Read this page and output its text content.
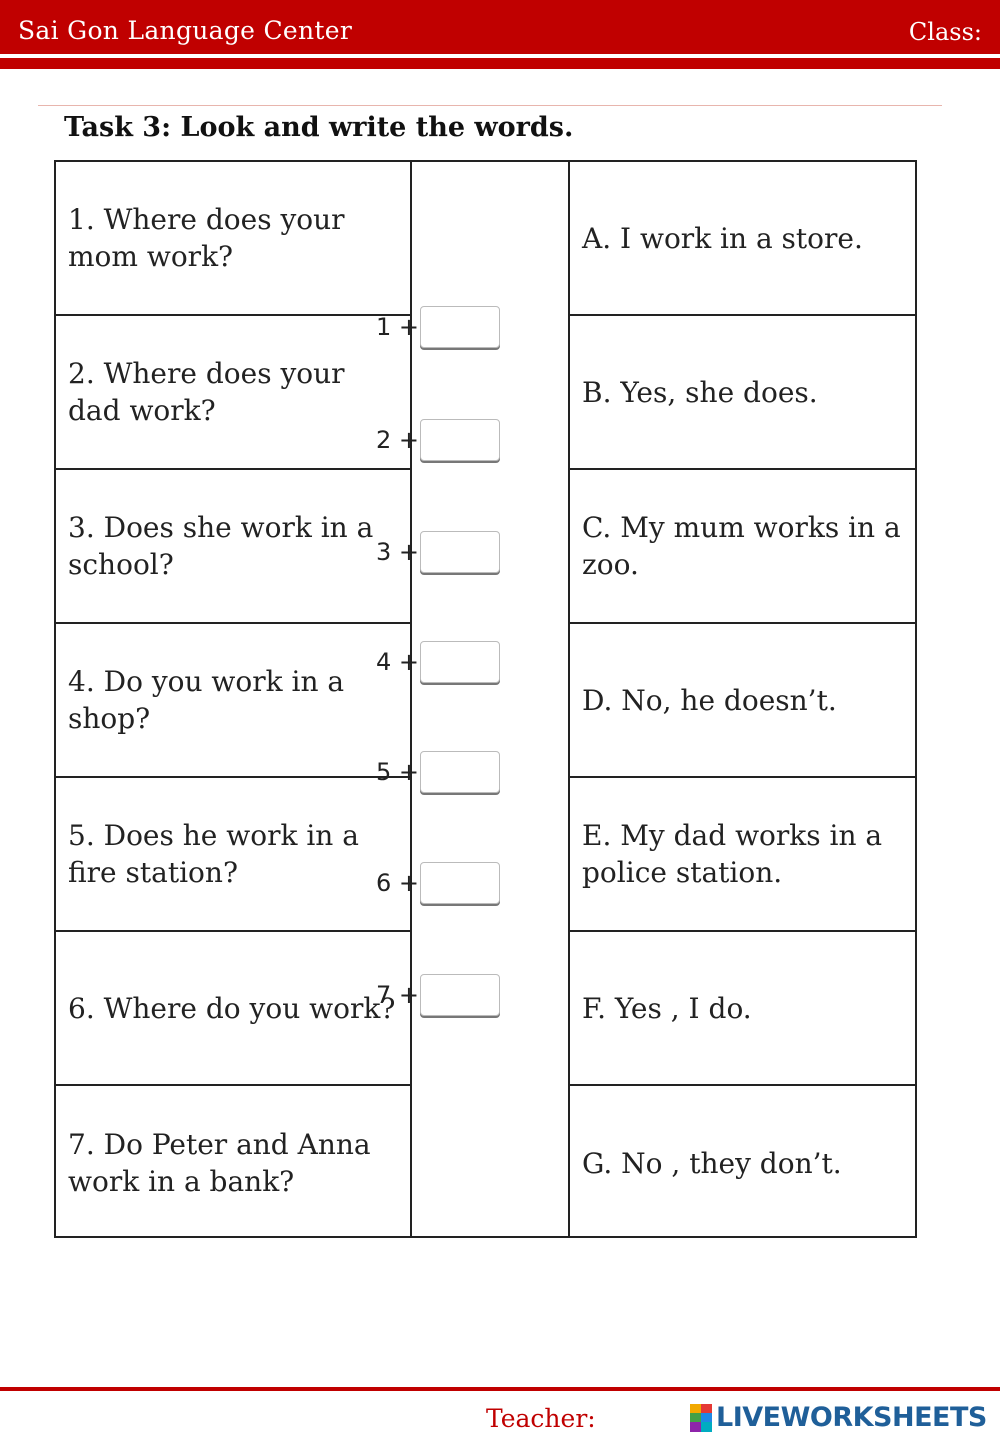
Sai Gon Language Center	Class:
Task 3: Look and write the words.
1. Where does your mom work?
2. Where does your dad work?
3. Does she work in a school?
4. Do you work in a shop?
5. Does he work in a fire station?
6. Where do you work?
7. Do Peter and Anna work in a bank?
A. I work in a store.
B. Yes, she does.
C. My mum works in a zoo.
D. No, he doesn’t.
E. My dad works in a police station.
F. Yes , I do.
G. No , they don’t.
1 +
2 +
3 +
4 +
5 +
6 +
7 +
Teacher:	LIVEWORKSHEETS
